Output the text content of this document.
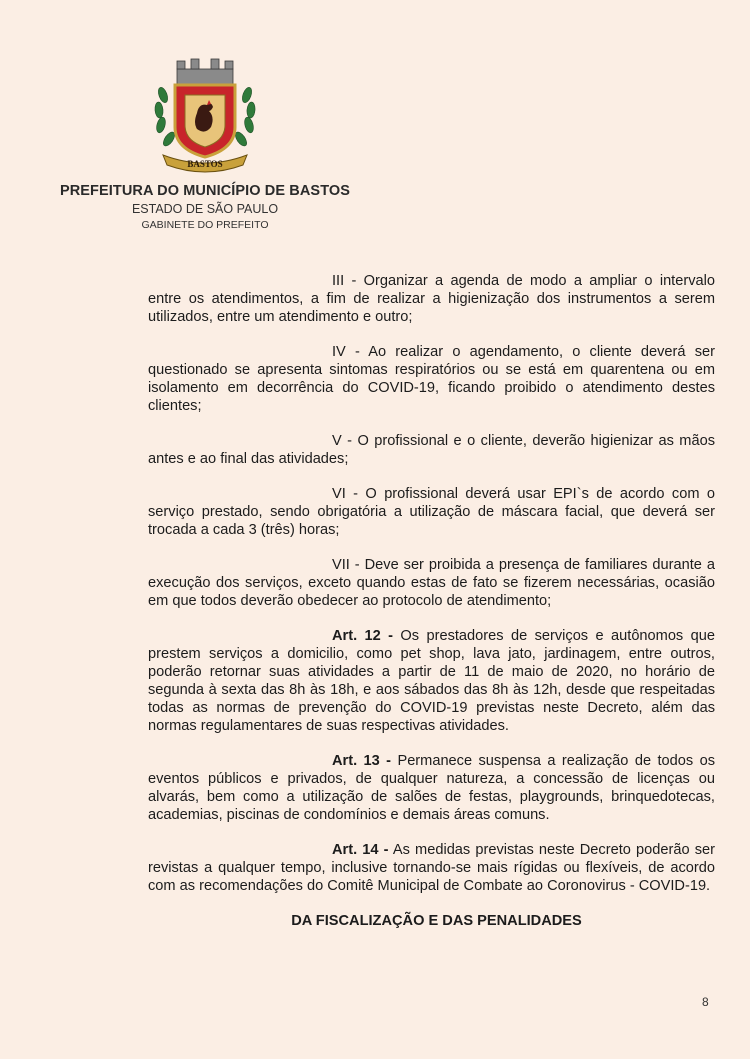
BASTOS
PREFEITURA DO MUNICÍPIO DE BASTOS
ESTADO DE SÃO PAULO
GABINETE DO PREFEITO

III - Organizar a agenda de modo a ampliar o intervalo entre os atendimentos, a fim de realizar a higienização dos instrumentos a serem utilizados, entre um atendimento e outro;

IV - Ao realizar o agendamento, o cliente deverá ser questionado se apresenta sintomas respiratórios ou se está em quarentena ou em isolamento em decorrência do COVID-19, ficando proibido o atendimento destes clientes;

V - O profissional e o cliente, deverão higienizar as mãos antes e ao final das atividades;

VI - O profissional deverá usar EPI`s de acordo com o serviço prestado, sendo obrigatória a utilização de máscara facial, que deverá ser trocada a cada 3 (três) horas;

VII - Deve ser proibida a presença de familiares durante a execução dos serviços, exceto quando estas de fato se fizerem necessárias, ocasião em que todos deverão obedecer ao protocolo de atendimento;

Art. 12 - Os prestadores de serviços e autônomos que prestem serviços a domicilio, como pet shop, lava jato, jardinagem, entre outros, poderão retornar suas atividades a partir de 11 de maio de 2020, no horário de segunda à sexta das 8h às 18h, e aos sábados das 8h às 12h, desde que respeitadas todas as normas de prevenção do COVID-19 previstas neste Decreto, além das normas regulamentares de suas respectivas atividades.

Art. 13 - Permanece suspensa a realização de todos os eventos públicos e privados, de qualquer natureza, a concessão de licenças ou alvarás, bem como a utilização de salões de festas, playgrounds, brinquedotecas, academias, piscinas de condomínios e demais áreas comuns.

Art. 14 - As medidas previstas neste Decreto poderão ser revistas a qualquer tempo, inclusive tornando-se mais rígidas ou flexíveis, de acordo com as recomendações do Comitê Municipal de Combate ao Coronovirus - COVID-19.

DA FISCALIZAÇÃO E DAS PENALIDADES
8
